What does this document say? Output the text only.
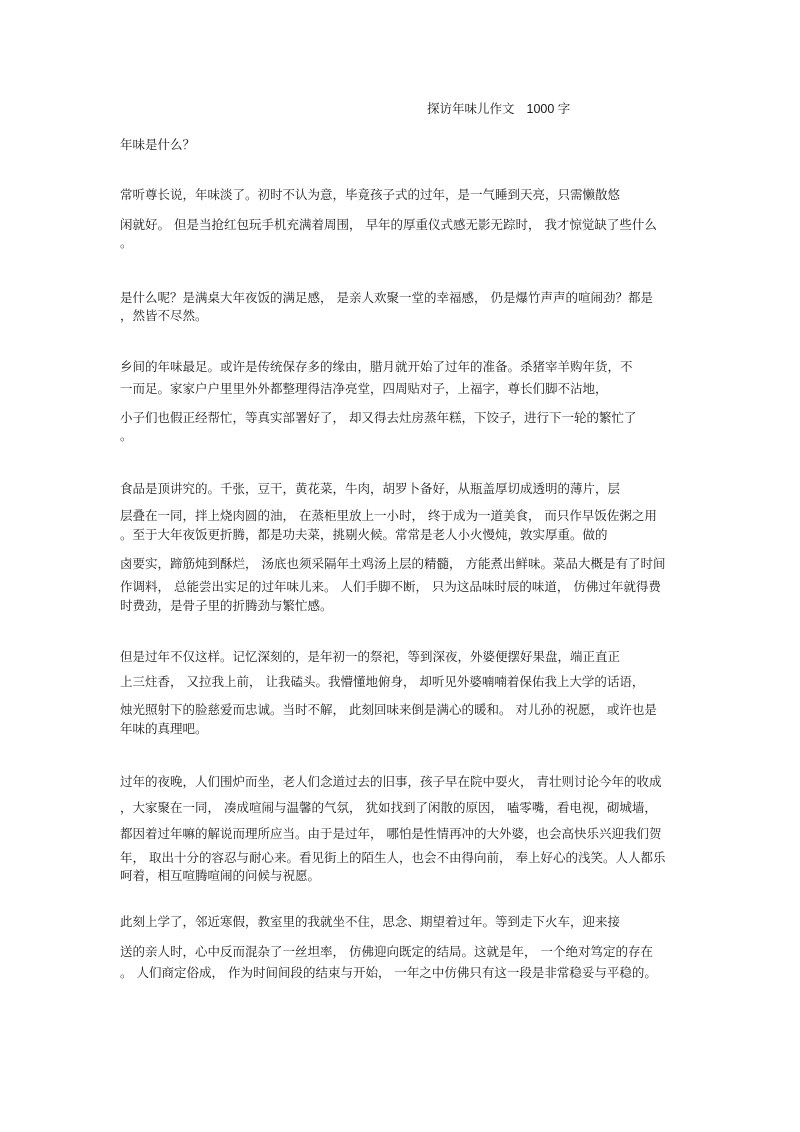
探访年味儿作文 1000 字

年味是什么？

常听尊长说，年味淡了。初时不认为意，毕竟孩子式的过年，是一气睡到天亮，只需懒散悠

闲就好。 但是当抢红包玩手机充满着周围， 早年的厚重仪式感无影无踪时， 我才惊觉缺了些什么

。

是什么呢？是满桌大年夜饭的满足感， 是亲人欢聚一堂的幸福感， 仍是爆竹声声的喧闹劲？都是

，然皆不尽然。

乡间的年味最足。或许是传统保存多的缘由，腊月就开始了过年的准备。杀猪宰羊购年货，不

一而足。家家户户里里外外都整理得洁净亮堂，四周贴对子，上福字，尊长们脚不沾地，

小子们也假正经帮忙，等真实部署好了， 却又得去灶房蒸年糕，下饺子，进行下一轮的繁忙了

。

食品是顶讲究的。千张，豆干，黄花菜，牛肉，胡罗卜备好，从瓶盖厚切成透明的薄片，层

层叠在一同，拌上烧肉圆的油， 在蒸柜里放上一小时， 终于成为一道美食， 而只作早饭佐粥之用

。至于大年夜饭更折腾，都是功夫菜，挑剔火候。常常是老人小火慢炖，敦实厚重。做的

卤要实，蹄筋炖到酥烂， 汤底也须采隔年土鸡汤上层的精髓， 方能煮出鲜味。菜品大概是有了时间

作调料， 总能尝出实足的过年味儿来。 人们手脚不断， 只为这品味时辰的味道， 仿佛过年就得费

时费劲，是骨子里的折腾劲与繁忙感。

但是过年不仅这样。记忆深刻的，是年初一的祭祀，等到深夜，外婆便摆好果盘，端正直正

上三炷香， 又拉我上前， 让我磕头。我懵懂地俯身， 却听见外婆喃喃着保佑我上大学的话语，

烛光照射下的脸慈爱而忠诚。当时不解， 此刻回味来倒是满心的暖和。 对儿孙的祝愿， 或许也是

年味的真理吧。

过年的夜晚，人们围炉而坐，老人们念道过去的旧事，孩子早在院中耍火， 青壮则讨论今年的收成

，大家聚在一同， 凑成喧闹与温馨的气氛， 犹如找到了闲散的原因， 嗑零嘴，看电视，砌城墙，

都因着过年嘛的解说而理所应当。由于是过年， 哪怕是性情再冲的大外婆，也会高快乐兴迎我们贺

年， 取出十分的容忍与耐心来。看见街上的陌生人，也会不由得向前， 奉上好心的浅笑。人人都乐

呵着，相互喧腾喧闹的问候与祝愿。

此刻上学了，邻近寒假，教室里的我就坐不住，思念、期望着过年。等到走下火车，迎来接

送的亲人时，心中反而混杂了一丝坦率， 仿佛迎向既定的结局。这就是年， 一个绝对笃定的存在

。 人们商定俗成， 作为时间间段的结束与开始， 一年之中仿佛只有这一段是非常稳妥与平稳的。
